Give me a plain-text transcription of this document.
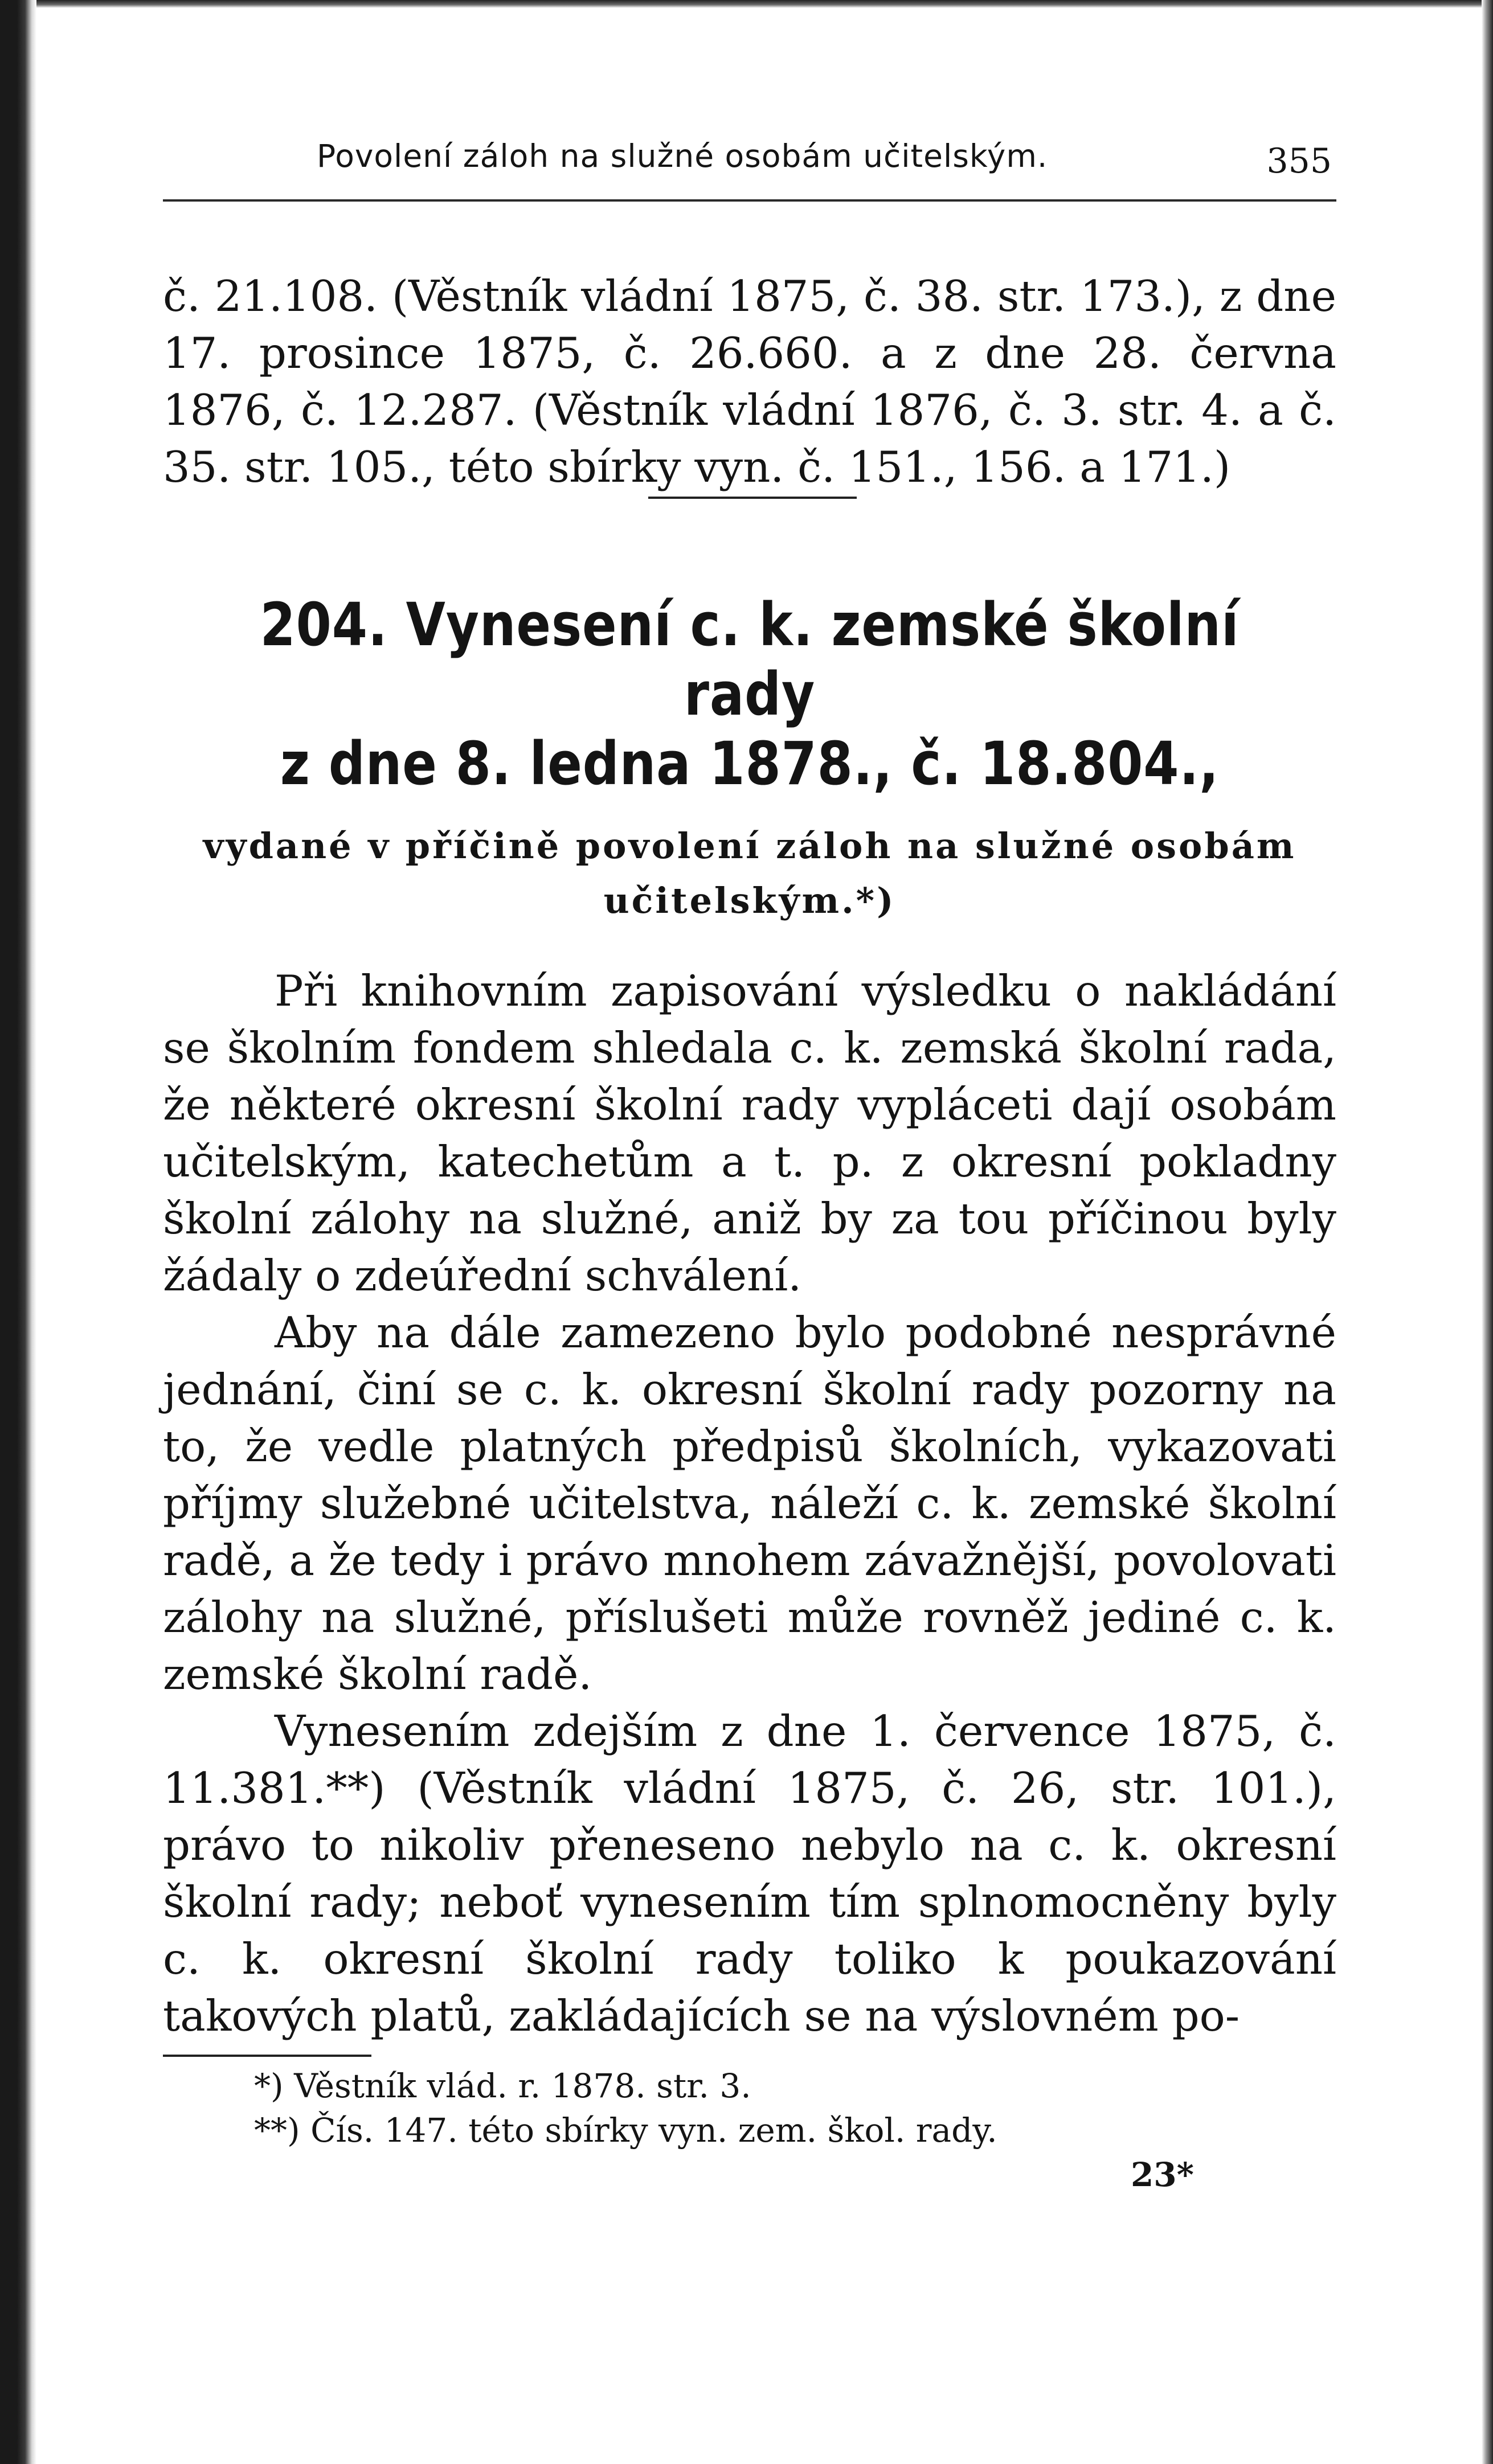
Povolení záloh na služné osobám učitelským.	355

č. 21.108. (Věstník vládní 1875, č. 38. str. 173.), z dne 17. prosince 1875, č. 26.660. a z dne 28. června 1876, č. 12.287. (Věstník vládní 1876, č. 3. str. 4. a č. 35. str. 105., této sbírky vyn. č. 151., 156. a 171.)

204. Vynesení c. k. zemské školní rady
z dne 8. ledna 1878., č. 18.804.,
vydané v příčině povolení záloh na služné osobám učitelským.*)

Při knihovním zapisování výsledku o nakládání se školním fondem shledala c. k. zemská školní rada, že některé okresní školní rady vypláceti dají osobám učitelským, katechetům a t. p. z okresní pokladny školní zálohy na služné, aniž by za tou příčinou byly žádaly o zdeúřední schválení.

Aby na dále zamezeno bylo podobné nesprávné jednání, činí se c. k. okresní školní rady pozorny na to, že vedle platných předpisů školních, vykazovati příjmy služebné učitelstva, náleží c. k. zemské školní radě, a že tedy i právo mnohem závažnější, povolovati zálohy na služné, příslušeti může rovněž jediné c. k. zemské školní radě.

Vynesením zdejším z dne 1. července 1875, č. 11.381.**) (Věstník vládní 1875, č. 26, str. 101.), právo to nikoliv přeneseno nebylo na c. k. okresní školní rady; neboť vynesením tím splnomocněny byly c. k. okresní školní rady toliko k poukazování takových platů, zakládajících se na výslovném po-

*) Věstník vlád. r. 1878. str. 3.
**) Čís. 147. této sbírky vyn. zem. škol. rady.
23*
